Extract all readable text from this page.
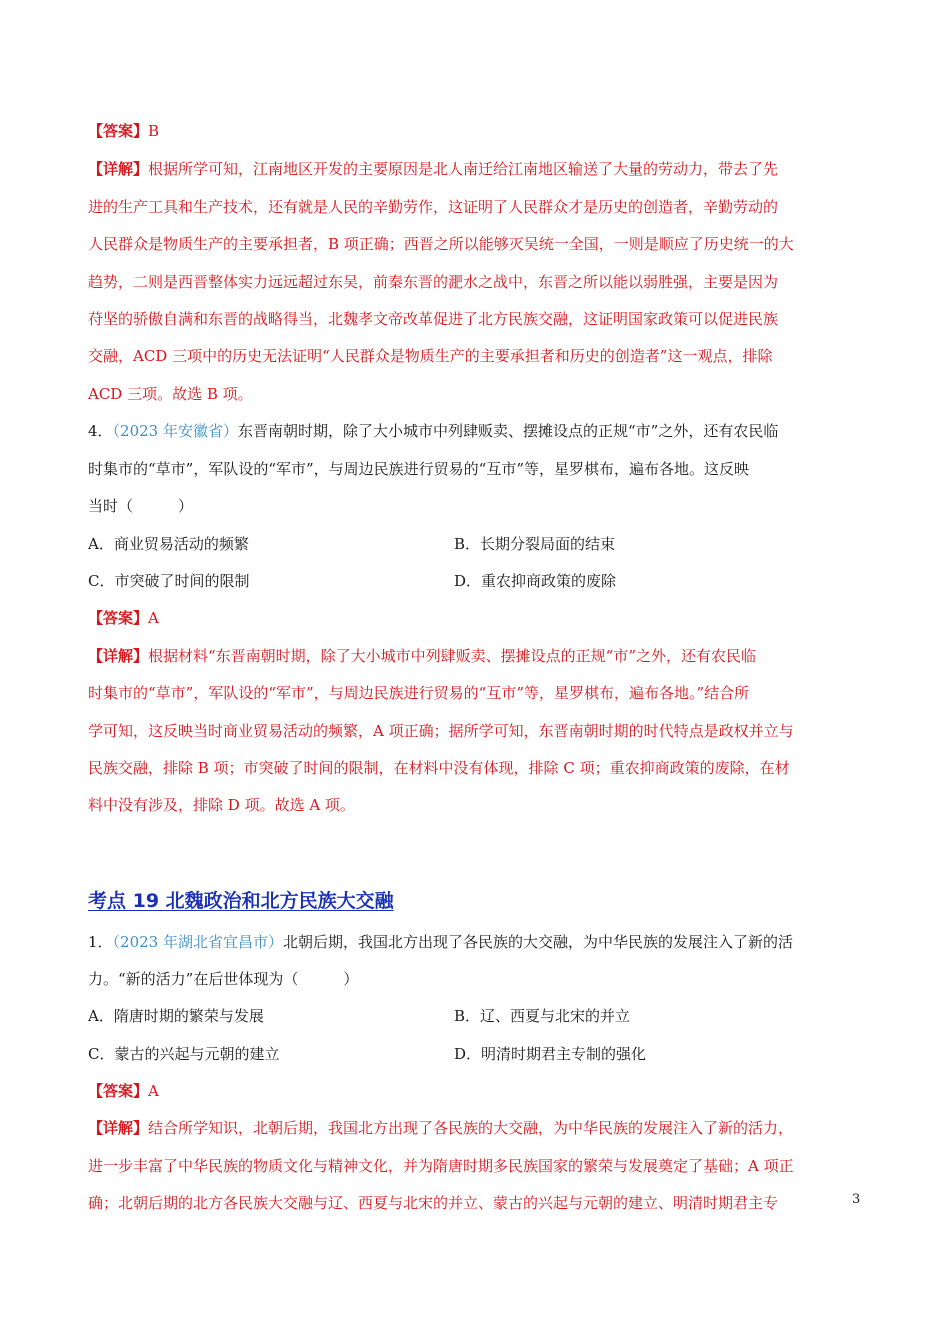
【答案】B
【详解】根据所学可知，江南地区开发的主要原因是北人南迁给江南地区输送了大量的劳动力，带去了先
进的生产工具和生产技术，还有就是人民的辛勤劳作，这证明了人民群众才是历史的创造者，辛勤劳动的
人民群众是物质生产的主要承担者，B 项正确；西晋之所以能够灭吴统一全国，一则是顺应了历史统一的大
趋势，二则是西晋整体实力远远超过东吴，前秦东晋的淝水之战中，东晋之所以能以弱胜强，主要是因为
苻坚的骄傲自满和东晋的战略得当，北魏孝文帝改革促进了北方民族交融，这证明国家政策可以促进民族
交融，ACD 三项中的历史无法证明“人民群众是物质生产的主要承担者和历史的创造者”这一观点，排除
ACD 三项。故选 B 项。
4．（2023 年安徽省）东晋南朝时期，除了大小城市中列肆贩卖、摆摊设点的正规“市”之外，还有农民临
时集市的“草市”，军队设的“军市”，与周边民族进行贸易的“互市”等，星罗棋布，遍布各地。这反映
当时（　　　）
A．商业贸易活动的频繁	B．长期分裂局面的结束
C．市突破了时间的限制	D．重农抑商政策的废除
【答案】A
【详解】根据材料“东晋南朝时期，除了大小城市中列肆贩卖、摆摊设点的正规“市”之外，还有农民临
时集市的“草市”，军队设的“军市”，与周边民族进行贸易的“互市”等，星罗棋布，遍布各地。”结合所
学可知，这反映当时商业贸易活动的频繁，A 项正确；据所学可知，东晋南朝时期的时代特点是政权并立与
民族交融，排除 B 项；市突破了时间的限制，在材料中没有体现，排除 C 项；重农抑商政策的废除，在材
料中没有涉及，排除 D 项。故选 A 项。
考点 19 北魏政治和北方民族大交融
1．（2023 年湖北省宜昌市）北朝后期，我国北方出现了各民族的大交融，为中华民族的发展注入了新的活
力。“新的活力”在后世体现为（　　　）
A．隋唐时期的繁荣与发展	B．辽、西夏与北宋的并立
C．蒙古的兴起与元朝的建立	D．明清时期君主专制的强化
【答案】A
【详解】结合所学知识，北朝后期，我国北方出现了各民族的大交融，为中华民族的发展注入了新的活力，
进一步丰富了中华民族的物质文化与精神文化，并为隋唐时期多民族国家的繁荣与发展奠定了基础；A 项正
确；北朝后期的北方各民族大交融与辽、西夏与北宋的并立、蒙古的兴起与元朝的建立、明清时期君主专	3
